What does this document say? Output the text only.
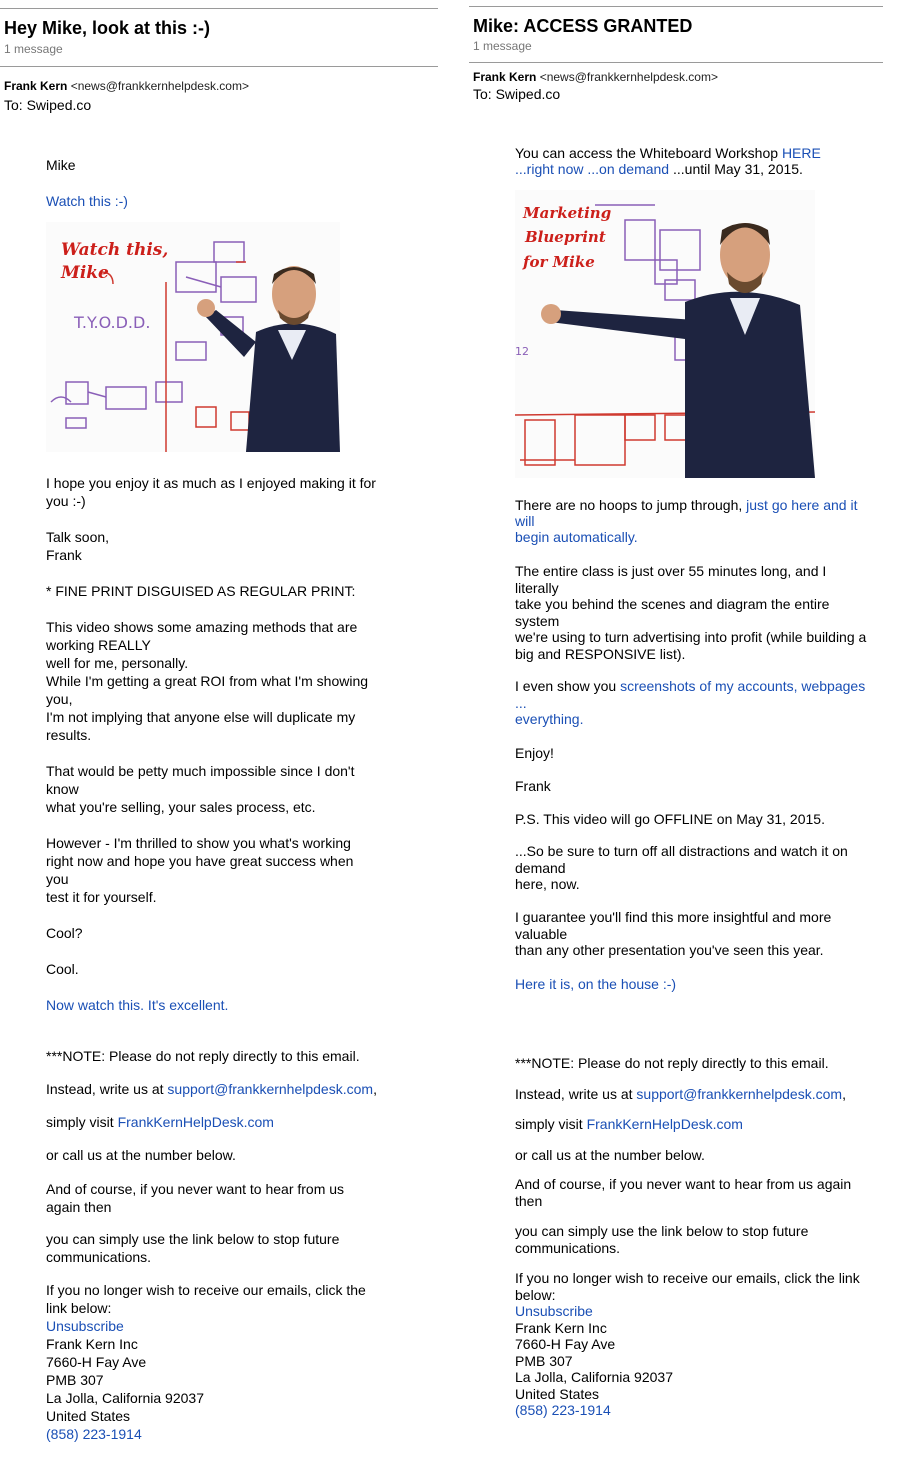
Hey Mike, look at this :-)
1 message
Frank Kern <news@frankkernhelpdesk.com>
To: Swiped.co
Mike
Watch this :-)
Watch this,
Mike
T.Y.O.D.D.

I hope you enjoy it as much as I enjoyed making it for

you :-)

Talk soon,

Frank

* FINE PRINT DISGUISED AS REGULAR PRINT:

This video shows some amazing methods that are

working REALLY

well for me, personally.

While I'm getting a great ROI from what I'm showing

you,

I'm not implying that anyone else will duplicate my

results.

That would be petty much impossible since I don't

know

what you're selling, your sales process, etc.

However - I'm thrilled to show you what's working

right now and hope you have great success when

you

test it for yourself.

Cool?
Cool.
Now watch this. It's excellent.
***NOTE: Please do not reply directly to this email.
Instead, write us at support@frankkernhelpdesk.com,
simply visit FrankKernHelpDesk.com
or call us at the number below.

And of course, if you never want to hear from us

again then

you can simply use the link below to stop future

communications.

If you no longer wish to receive our emails, click the

link below:

Unsubscribe

Frank Kern Inc

7660-H Fay Ave

PMB 307

La Jolla, California 92037

United States

(858) 223-1914

Mike: ACCESS GRANTED
1 message
Frank Kern <news@frankkernhelpdesk.com>
To: Swiped.co

You can access the Whiteboard Workshop HERE

...right now ...on demand ...until May 31, 2015.

12
Marketing
Blueprint
for Mike

There are no hoops to jump through, just go here and it

will

begin automatically.

The entire class is just over 55 minutes long, and I

literally

take you behind the scenes and diagram the entire

system

we're using to turn advertising into profit (while building a

big and RESPONSIVE list).

I even show you screenshots of my accounts, webpages

...

everything.

Enjoy!
Frank
P.S. This video will go OFFLINE on May 31, 2015.

...So be sure to turn off all distractions and watch it on

demand

here, now.

I guarantee you'll find this more insightful and more

valuable

than any other presentation you've seen this year.

Here it is, on the house :-)
***NOTE: Please do not reply directly to this email.
Instead, write us at support@frankkernhelpdesk.com,
simply visit FrankKernHelpDesk.com
or call us at the number below.

And of course, if you never want to hear from us again

then

you can simply use the link below to stop future

communications.

If you no longer wish to receive our emails, click the link

below:

Unsubscribe

Frank Kern Inc

7660-H Fay Ave

PMB 307

La Jolla, California 92037

United States

(858) 223-1914
